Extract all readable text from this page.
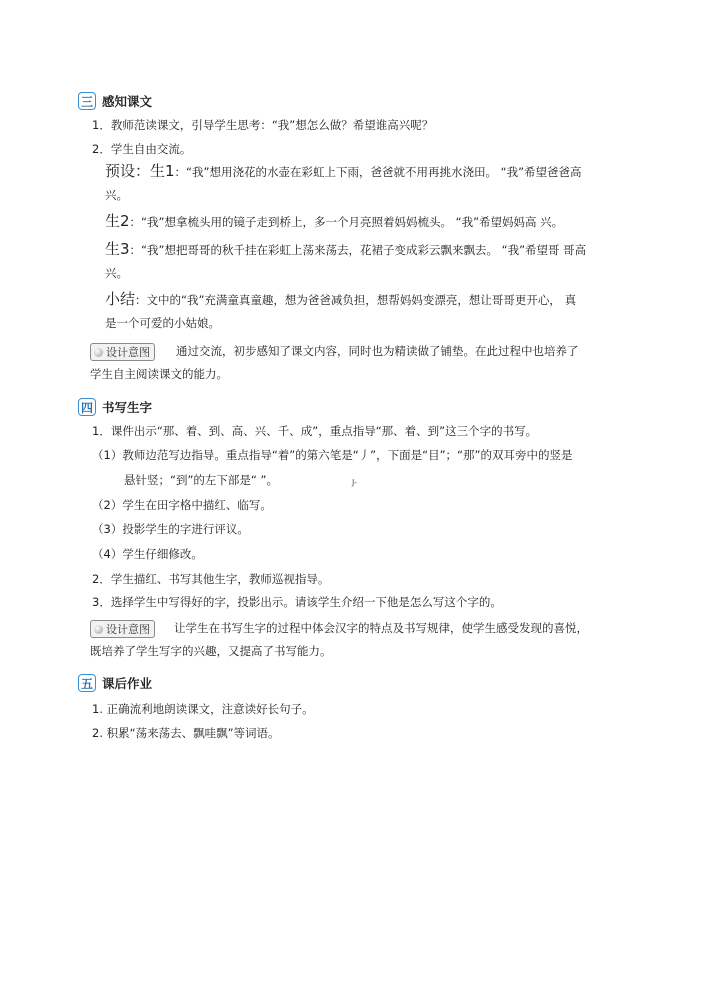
三 感知课文
1．教师范读课文，引导学生思考：“我”想怎么做？希望谁高兴呢？
2．学生自由交流。
预设：生1：“我”想用浇花的水壶在彩虹上下雨，爸爸就不用再挑水浇田。 “我”希望爸爸高
兴。
生2：“我”想拿梳头用的镜子走到桥上，多一个月亮照着妈妈梳头。 “我”希望妈妈高 兴。
生3：“我”想把哥哥的秋千挂在彩虹上荡来荡去，花裙子变成彩云飘来飘去。 “我”希望哥 哥高
兴。
小结：文中的“我”充满童真童趣，想为爸爸减负担，想帮妈妈变漂亮，想让哥哥更开心， 真
是一个可爱的小姑娘。
设计意图 通过交流，初步感知了课文内容，同时也为精读做了铺垫。在此过程中也培养了
学生自主阅读课文的能力。
四 书写生字
1．课件出示“那、着、到、高、兴、千、成”，重点指导“那、着、到”这三个字的书写。
（1）教师边范写边指导。重点指导“着”的第六笔是“丿”，下面是“目”；“那”的双耳旁中的竖是
悬针竖；“到”的左下部是“ ”。	J-
（2）学生在田字格中描红、临写。
（3）投影学生的字进行评议。
（4）学生仔细修改。
2．学生描红、书写其他生字，教师巡视指导。
3．选择学生中写得好的字，投影出示。请该学生介绍一下他是怎么写这个字的。
设计意图 让学生在书写生字的过程中体会汉字的特点及书写规律，使学生感受发现的喜悦，
既培养了学生写字的兴趣，又提高了书写能力。
五 课后作业
1. 正确流利地朗读课文，注意读好长句子。
2. 积累“荡来荡去、飘哇飘”等词语。
